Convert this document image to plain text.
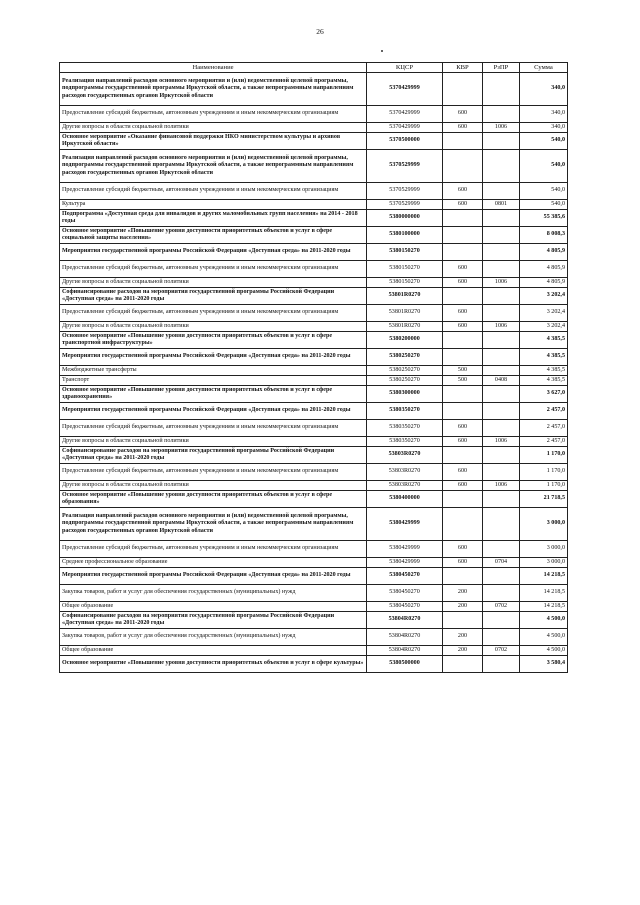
26
Наименование	КЦСР	КВР	РзПР	Сумма
Реализация направлений расходов основного мероприятия и (или) ведомственной целевой программы, подпрограммы государственной программы Иркутской области, а также непрограммным направлениям расходов государственных органов Иркутской области	5370429999			340,0
Предоставление субсидий бюджетным, автономным учреждениям и иным некоммерческим организациям	5370429999	600		340,0
Другие вопросы в области социальной политики	5370429999	600	1006	340,0
Основное мероприятие «Оказание финансовой поддержки НКО министерством культуры и архивов Иркутской области»	5370500000			540,0
Реализация направлений расходов основного мероприятия и (или) ведомственной целевой программы, подпрограммы государственной программы Иркутской области, а также непрограммным направлениям расходов государственных органов Иркутской области	5370529999			540,0
Предоставление субсидий бюджетным, автономным учреждениям и иным некоммерческим организациям	5370529999	600		540,0
Культура	5370529999	600	0801	540,0
Подпрограмма «Доступная среда для инвалидов и других маломобильных групп населения» на 2014 - 2018 годы	5380000000			55 385,6
Основное мероприятие «Повышение уровня доступности приоритетных объектов и услуг в сфере социальной защиты населения»	5380100000			8 008,3
Мероприятия государственной программы Российской Федерации «Доступная среда» на 2011-2020 годы	5380150270			4 805,9
Предоставление субсидий бюджетным, автономным учреждениям и иным некоммерческим организациям	5380150270	600		4 805,9
Другие вопросы в области социальной политики	5380150270	600	1006	4 805,9
Софинансирование расходов на мероприятия государственной программы Российской Федерации «Доступная среда» на 2011-2020 годы	53801R0270			3 202,4
Предоставление субсидий бюджетным, автономным учреждениям и иным некоммерческим организациям	53801R0270	600		3 202,4
Другие вопросы в области социальной политики	53801R0270	600	1006	3 202,4
Основное мероприятие «Повышение уровня доступности приоритетных объектов и услуг в сфере транспортной инфраструктуры»	5380200000			4 385,5
Мероприятия государственной программы Российской Федерации «Доступная среда» на 2011-2020 годы	5380250270			4 385,5
Межбюджетные трансферты	5380250270	500		4 385,5
Транспорт	5380250270	500	0408	4 385,5
Основное мероприятие «Повышение уровня доступности приоритетных объектов и услуг в сфере здравоохранения»	5380300000			3 627,0
Мероприятия государственной программы Российской Федерации «Доступная среда» на 2011-2020 годы	5380350270			2 457,0
Предоставление субсидий бюджетным, автономным учреждениям и иным некоммерческим организациям	5380350270	600		2 457,0
Другие вопросы в области социальной политики	5380350270	600	1006	2 457,0
Софинансирование расходов на мероприятия государственной программы Российской Федерации «Доступная среда» на 2011-2020 годы	53803R0270			1 170,0
Предоставление субсидий бюджетным, автономным учреждениям и иным некоммерческим организациям	53803R0270	600		1 170,0
Другие вопросы в области социальной политики	53803R0270	600	1006	1 170,0
Основное мероприятие «Повышение уровня доступности приоритетных объектов и услуг в сфере образования»	5380400000			21 718,5
Реализация направлений расходов основного мероприятия и (или) ведомственной целевой программы, подпрограммы государственной программы Иркутской области, а также непрограммным направлениям расходов государственных органов Иркутской области	5380429999			3 000,0
Предоставление субсидий бюджетным, автономным учреждениям и иным некоммерческим организациям	5380429999	600		3 000,0
Среднее профессиональное образование	5380429999	600	0704	3 000,0
Мероприятия государственной программы Российской Федерации «Доступная среда» на 2011-2020 годы	5380450270			14 218,5
Закупка товаров, работ и услуг для обеспечения государственных (муниципальных) нужд	5380450270	200		14 218,5
Общее образование	5380450270	200	0702	14 218,5
Софинансирование расходов на мероприятия государственной программы Российской Федерации «Доступная среда» на 2011-2020 годы	53804R0270			4 500,0
Закупка товаров, работ и услуг для обеспечения государственных (муниципальных) нужд	53804R0270	200		4 500,0
Общее образование	53804R0270	200	0702	4 500,0
Основное мероприятие «Повышение уровня доступности приоритетных объектов и услуг в сфере культуры»	5380500000			3 580,4
